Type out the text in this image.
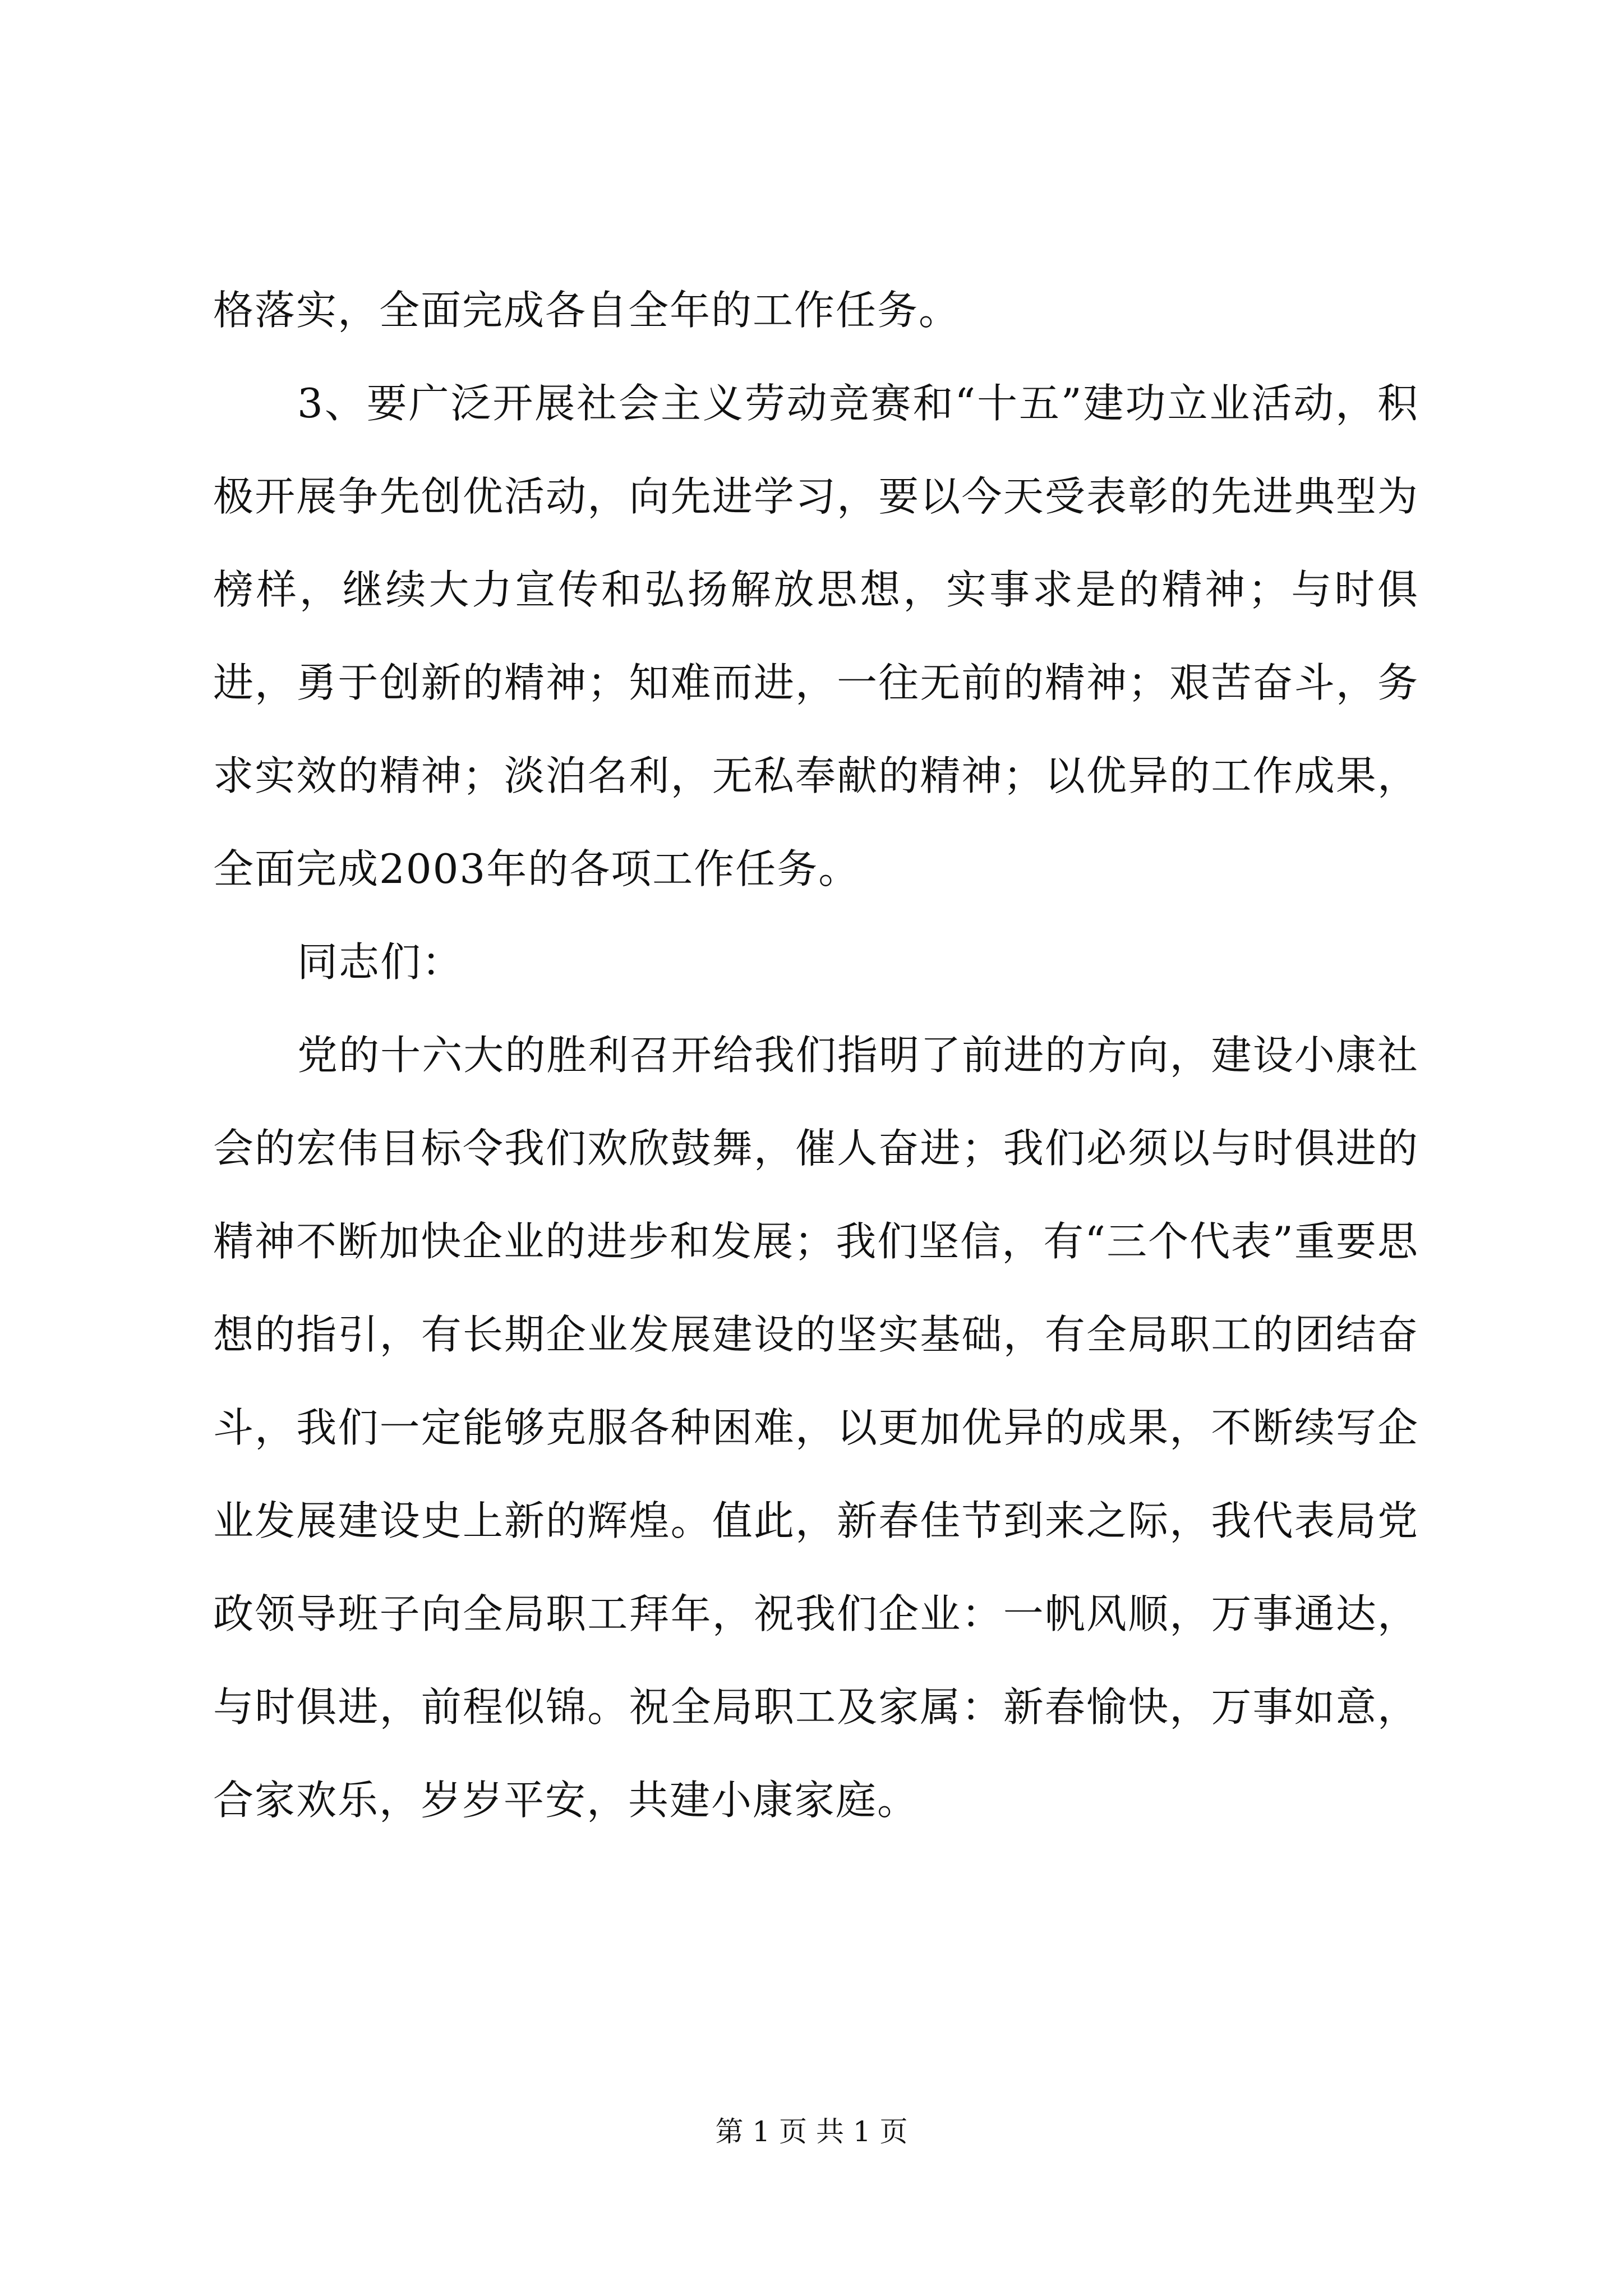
格落实，全面完成各自全年的工作任务。

3、要广泛开展社会主义劳动竞赛和“十五”建功立业活动，积极开展争先创优活动，向先进学习，要以今天受表彰的先进典型为榜样，继续大力宣传和弘扬解放思想，实事求是的精神；与时俱进，勇于创新的精神；知难而进，一往无前的精神；艰苦奋斗，务求实效的精神；淡泊名利，无私奉献的精神；以优异的工作成果，全面完成2003年的各项工作任务。

同志们：

党的十六大的胜利召开给我们指明了前进的方向，建设小康社会的宏伟目标令我们欢欣鼓舞，催人奋进；我们必须以与时俱进的精神不断加快企业的进步和发展；我们坚信，有“三个代表”重要思想的指引，有长期企业发展建设的坚实基础，有全局职工的团结奋斗，我们一定能够克服各种困难，以更加优异的成果，不断续写企业发展建设史上新的辉煌。值此，新春佳节到来之际，我代表局党政领导班子向全局职工拜年，祝我们企业：一帆风顺，万事通达，与时俱进，前程似锦。祝全局职工及家属：新春愉快，万事如意，合家欢乐，岁岁平安，共建小康家庭。

第 1 页 共 1 页
